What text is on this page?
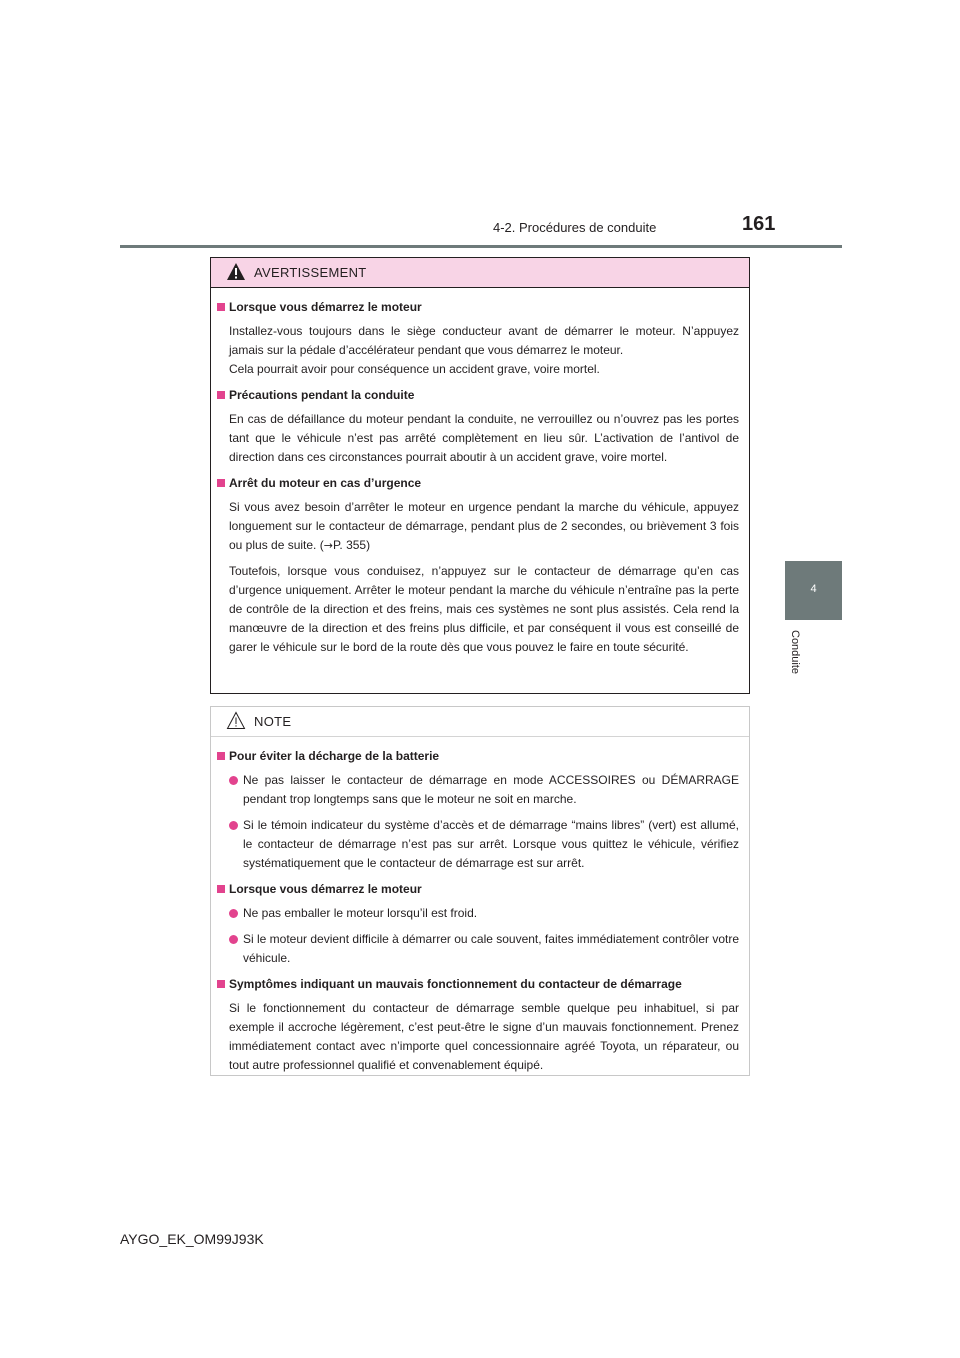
4-2. Procédures de conduite	161
4
Conduite
AVERTISSEMENT
Lorsque vous démarrez le moteur
Installez-vous toujours dans le siège conducteur avant de démarrer le moteur. N’appuyez jamais sur la pédale d’accélérateur pendant que vous démarrez le moteur.
Cela pourrait avoir pour conséquence un accident grave, voire mortel.
Précautions pendant la conduite
En cas de défaillance du moteur pendant la conduite, ne verrouillez ou n’ouvrez pas les portes tant que le véhicule n’est pas arrêté complètement en lieu sûr. L’activation de l’antivol de direction dans ces circonstances pourrait aboutir à un accident grave, voire mortel.
Arrêt du moteur en cas d’urgence
Si vous avez besoin d’arrêter le moteur en urgence pendant la marche du véhicule, appuyez longuement sur le contacteur de démarrage, pendant plus de 2 secondes, ou brièvement 3 fois ou plus de suite. (→P. 355)
Toutefois, lorsque vous conduisez, n’appuyez sur le contacteur de démarrage qu’en cas d’urgence uniquement. Arrêter le moteur pendant la marche du véhicule n’entraîne pas la perte de contrôle de la direction et des freins, mais ces systèmes ne sont plus assistés. Cela rend la manœuvre de la direction et des freins plus difficile, et par conséquent il vous est conseillé de garer le véhicule sur le bord de la route dès que vous pouvez le faire en toute sécurité.
NOTE
Pour éviter la décharge de la batterie
Ne pas laisser le contacteur de démarrage en mode ACCESSOIRES ou DÉMARRAGE pendant trop longtemps sans que le moteur ne soit en marche.
Si le témoin indicateur du système d’accès et de démarrage “mains libres” (vert) est allumé, le contacteur de démarrage n’est pas sur arrêt. Lorsque vous quittez le véhicule, vérifiez systématiquement que le contacteur de démarrage est sur arrêt.
Lorsque vous démarrez le moteur
Ne pas emballer le moteur lorsqu’il est froid.
Si le moteur devient difficile à démarrer ou cale souvent, faites immédiatement contrôler votre véhicule.
Symptômes indiquant un mauvais fonctionnement du contacteur de démarrage
Si le fonctionnement du contacteur de démarrage semble quelque peu inhabituel, si par exemple il accroche légèrement, c’est peut-être le signe d’un mauvais fonctionnement. Prenez immédiatement contact avec n’importe quel concessionnaire agréé Toyota, un réparateur, ou tout autre professionnel qualifié et convenablement équipé.
AYGO_EK_OM99J93K
